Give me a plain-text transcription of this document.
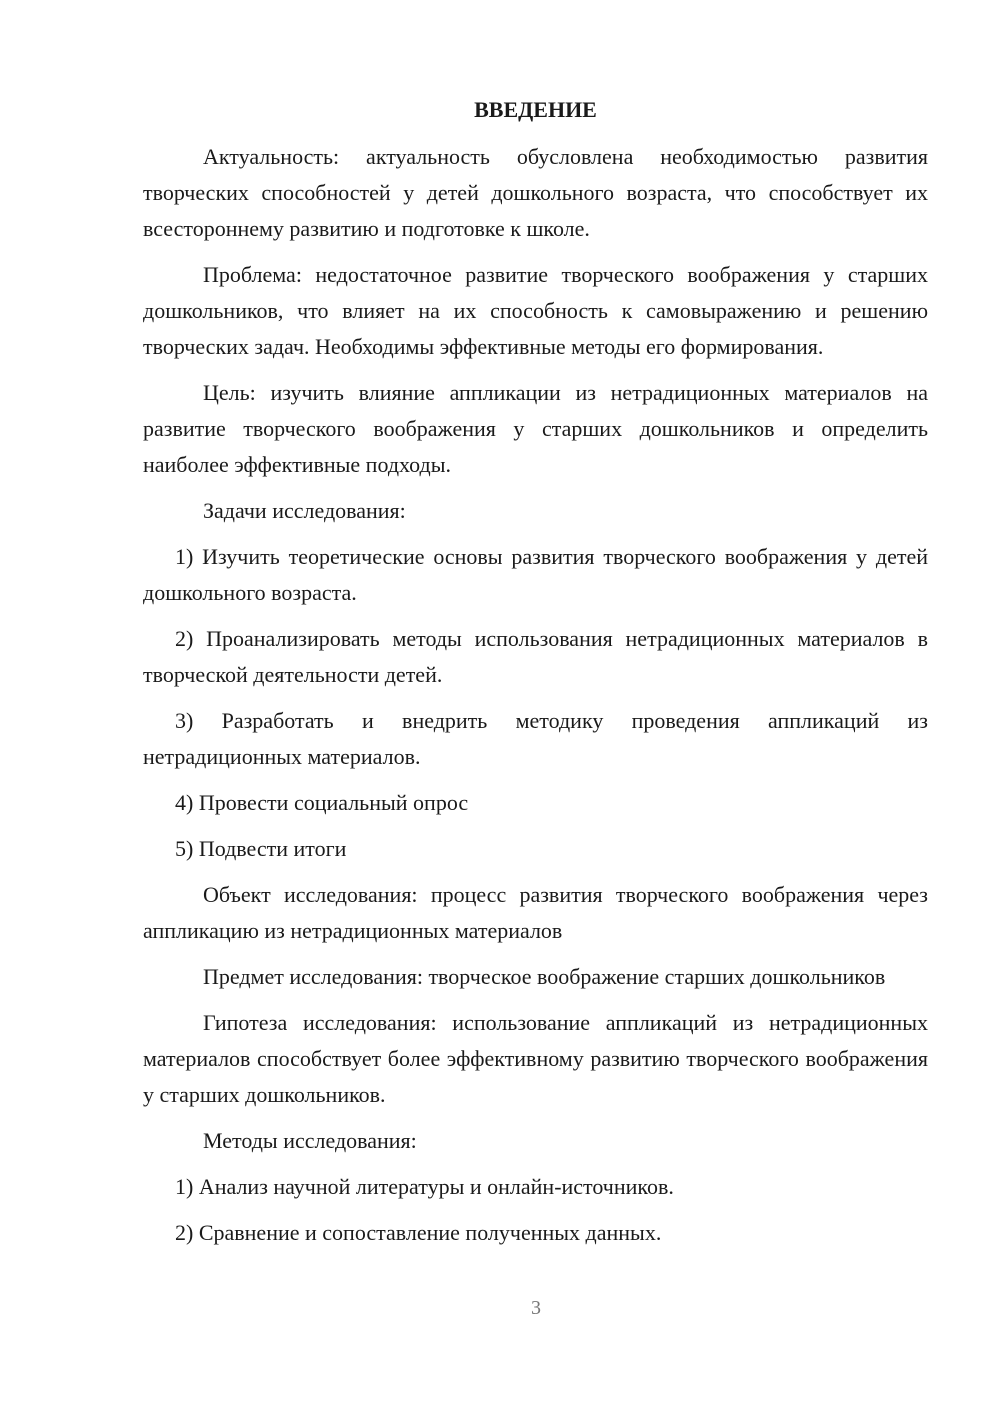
ВВЕДЕНИЕ

Актуальность: актуальность обусловлена необходимостью развития творческих способностей у детей дошкольного возраста, что способствует их всестороннему развитию и подготовке к школе.

Проблема: недостаточное развитие творческого воображения у старших дошкольников, что влияет на их способность к самовыражению и решению творческих задач. Необходимы эффективные методы его формирования.

Цель: изучить влияние аппликации из нетрадиционных материалов на развитие творческого воображения у старших дошкольников и определить наиболее эффективные подходы.

Задачи исследования:

1) Изучить теоретические основы развития творческого воображения у детей дошкольного возраста.

2) Проанализировать методы использования нетрадиционных материалов в творческой деятельности детей.

3) Разработать и внедрить методику проведения аппликаций из нетрадиционных материалов.

4) Провести социальный опрос

5) Подвести итоги

Объект исследования: процесс развития творческого воображения через аппликацию из нетрадиционных материалов

Предмет исследования: творческое воображение старших дошкольников

Гипотеза исследования: использование аппликаций из нетрадиционных материалов способствует более эффективному развитию творческого воображения у старших дошкольников.

Методы исследования:

1) Анализ научной литературы и онлайн-источников.

2) Сравнение и сопоставление полученных данных.

3
